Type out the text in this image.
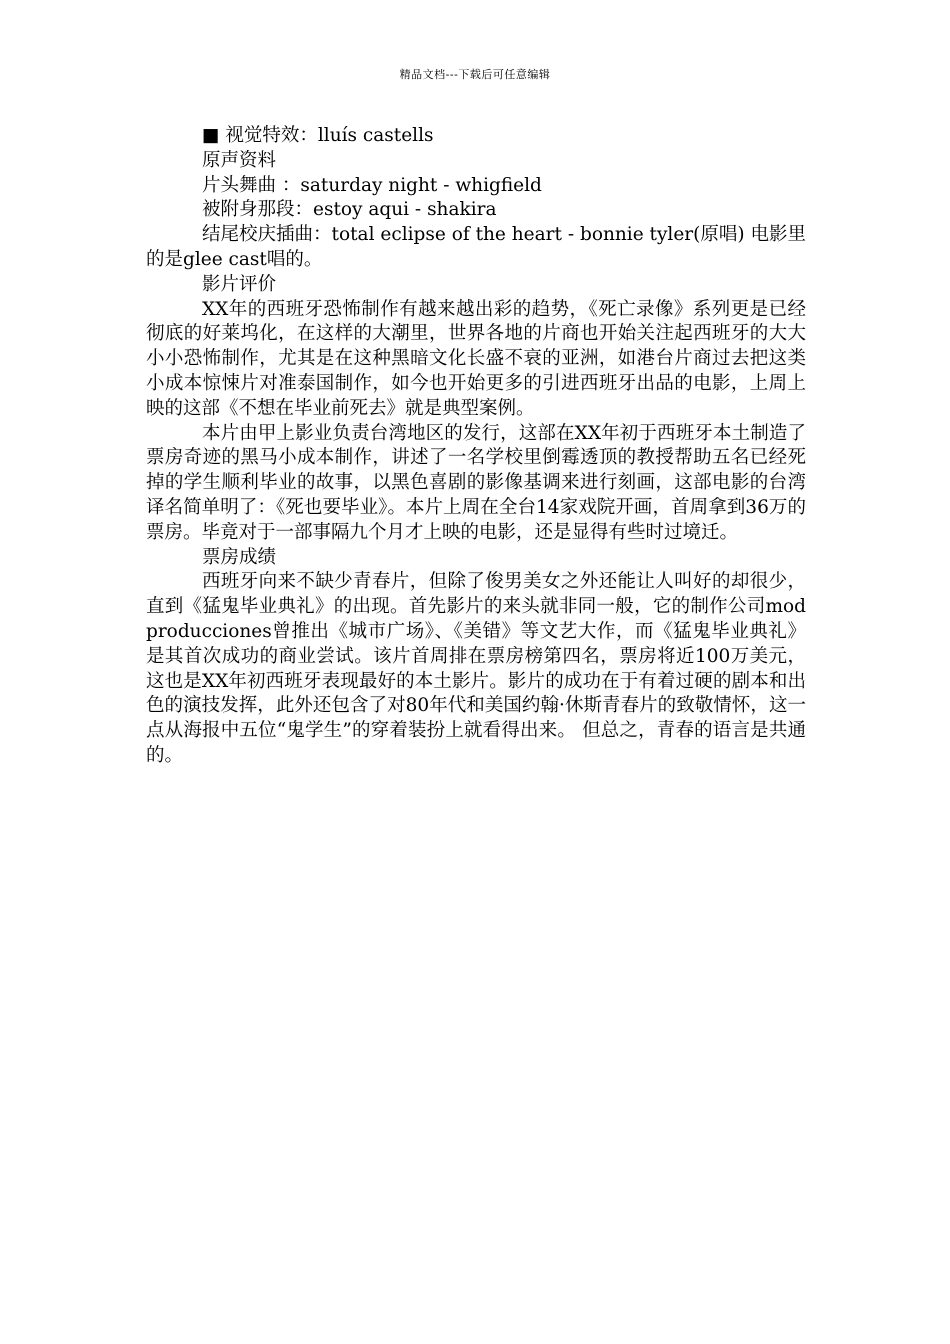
精品文档---下载后可任意编辑
■ 视觉特效：lluís castells
原声资料
片头舞曲 ：saturday night - whigfield
被附身那段：estoy aqui - shakira

结尾校庆插曲：total eclipse of the heart - bonnie tyler(原唱) 电影里的是glee cast唱的。

影片评价

XX年的西班牙恐怖制作有越来越出彩的趋势，《死亡录像》系列更是已经彻底的好莱坞化，在这样的大潮里，世界各地的片商也开始关注起西班牙的大大小小恐怖制作，尤其是在这种黑暗文化长盛不衰的亚洲，如港台片商过去把这类小成本惊悚片对准泰国制作，如今也开始更多的引进西班牙出品的电影，上周上映的这部《不想在毕业前死去》就是典型案例。

本片由甲上影业负责台湾地区的发行，这部在XX年初于西班牙本土制造了票房奇迹的黑马小成本制作，讲述了一名学校里倒霉透顶的教授帮助五名已经死掉的学生顺利毕业的故事，以黑色喜剧的影像基调来进行刻画，这部电影的台湾译名简单明了：《死也要毕业》。本片上周在全台14家戏院开画，首周拿到36万的票房。毕竟对于一部事隔九个月才上映的电影，还是显得有些时过境迁。

票房成绩

西班牙向来不缺少青春片，但除了俊男美女之外还能让人叫好的却很少，直到《猛鬼毕业典礼》的出现。首先影片的来头就非同一般，它的制作公司mod producciones曾推出《城市广场》、《美错》等文艺大作，而《猛鬼毕业典礼》是其首次成功的商业尝试。该片首周排在票房榜第四名，票房将近100万美元，这也是XX年初西班牙表现最好的本土影片。影片的成功在于有着过硬的剧本和出色的演技发挥，此外还包含了对80年代和美国约翰·休斯青春片的致敬情怀，这一点从海报中五位“鬼学生”的穿着装扮上就看得出来。 但总之，青春的语言是共通的。
